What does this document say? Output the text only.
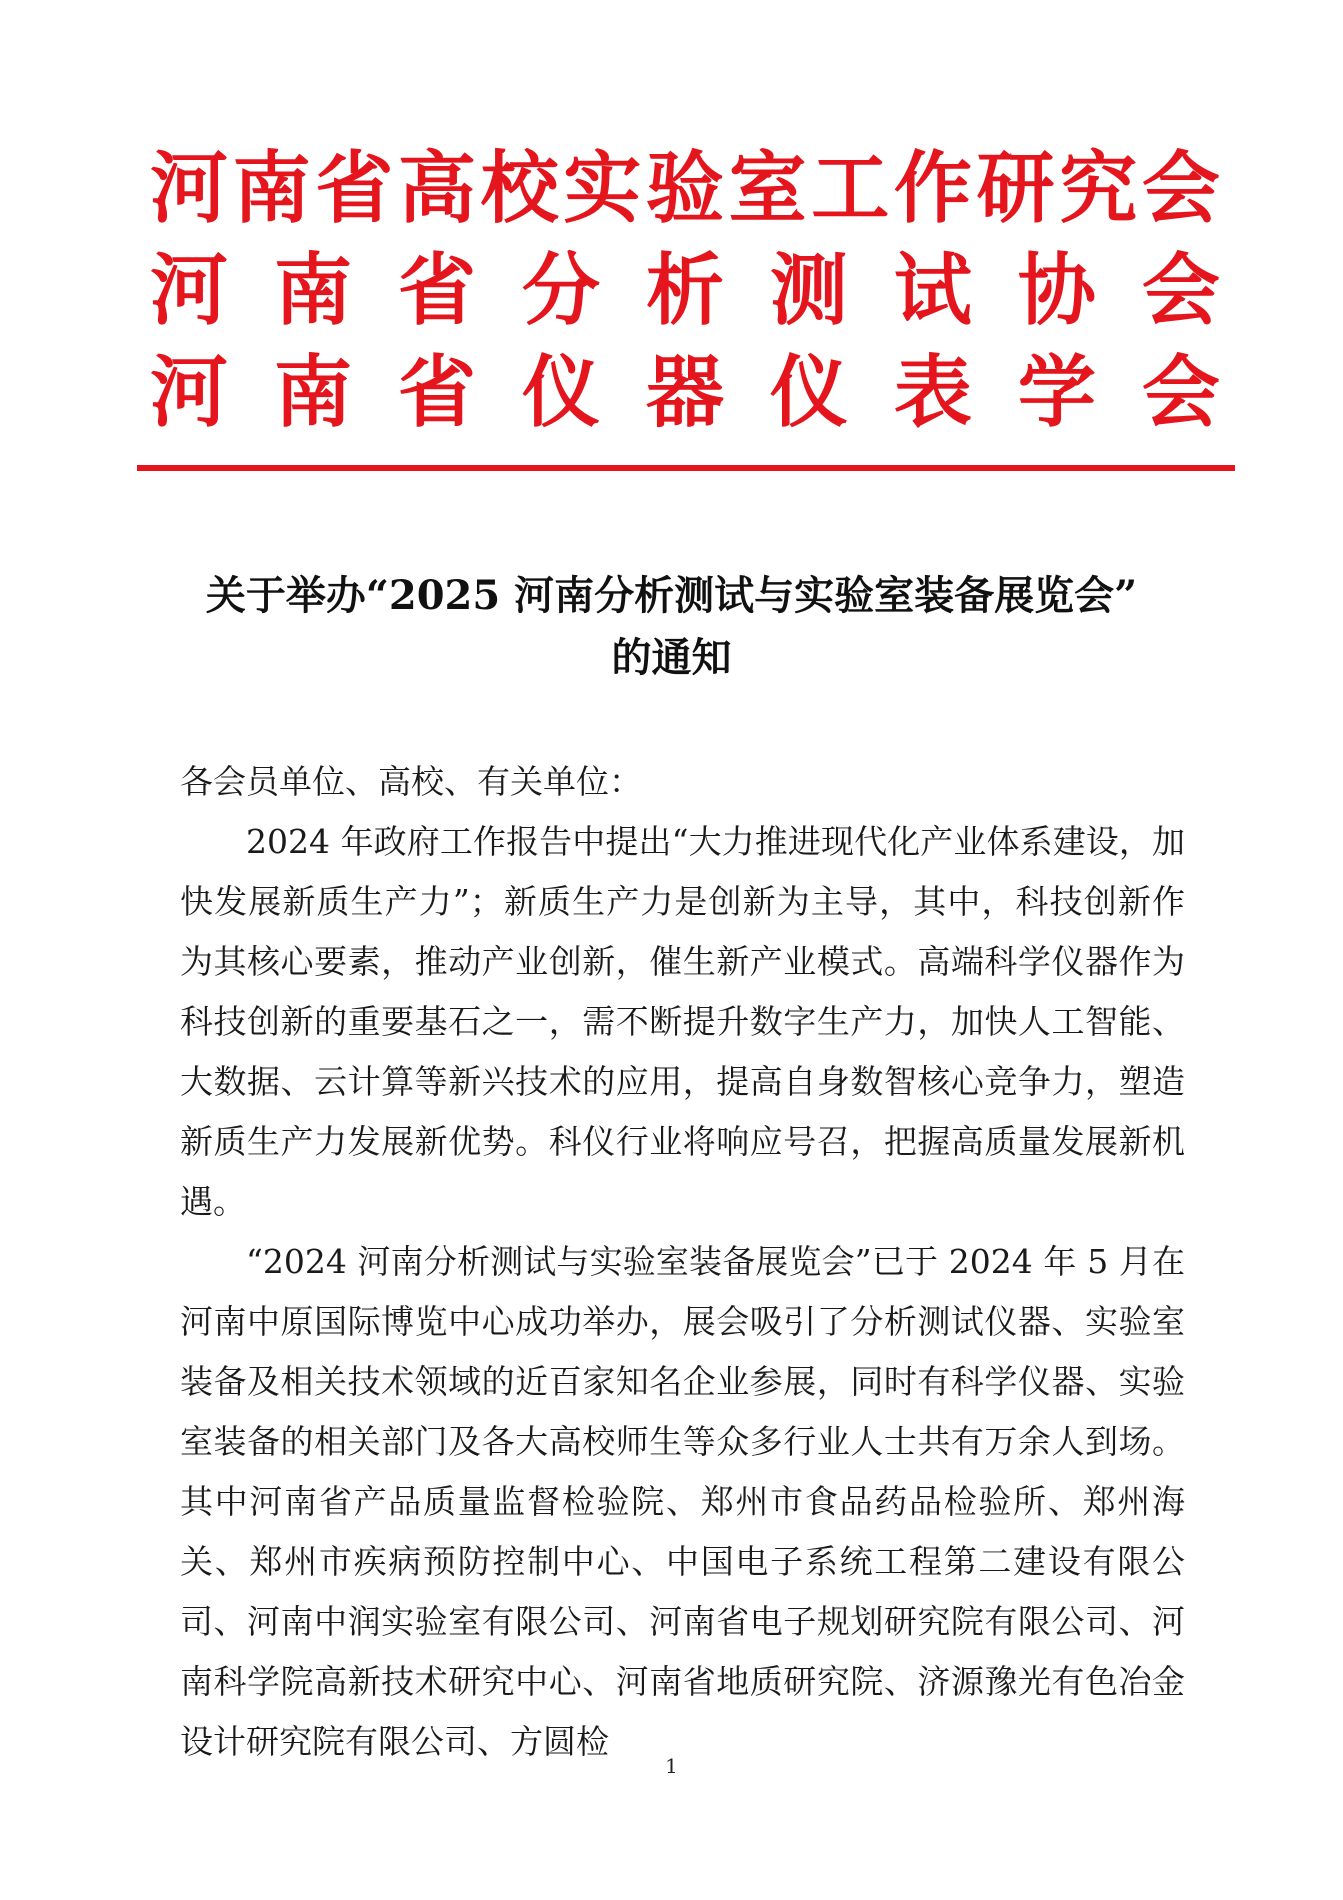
河 南 省 高 校 实 验 室 工 作 研 究 会
河 南 省 分 析 测 试 协 会
河 南 省 仪 器 仪 表 学 会
关于举办“2025 河南分析测试与实验室装备展览会”
的通知

各会员单位、高校、有关单位：

2024 年政府工作报告中提出“大力推进现代化产业体系建设，加快发展新质生产力”；新质生产力是创新为主导，其中，科技创新作为其核心要素，推动产业创新，催生新产业模式。高端科学仪器作为科技创新的重要基石之一，需不断提升数字生产力，加快人工智能、大数据、云计算等新兴技术的应用，提高自身数智核心竞争力，塑造新质生产力发展新优势。科仪行业将响应号召，把握高质量发展新机遇。

“2024 河南分析测试与实验室装备展览会”已于 2024 年 5 月在河南中原国际博览中心成功举办，展会吸引了分析测试仪器、实验室装备及相关技术领域的近百家知名企业参展，同时有科学仪器、实验室装备的相关部门及各大高校师生等众多行业人士共有万余人到场。其中河南省产品质量监督检验院、郑州市食品药品检验所、郑州海关、郑州市疾病预防控制中心、中国电子系统工程第二建设有限公司、河南中润实验室有限公司、河南省电子规划研究院有限公司、河南科学院高新技术研究中心、河南省地质研究院、济源豫光有色冶金设计研究院有限公司、方圆检

1
